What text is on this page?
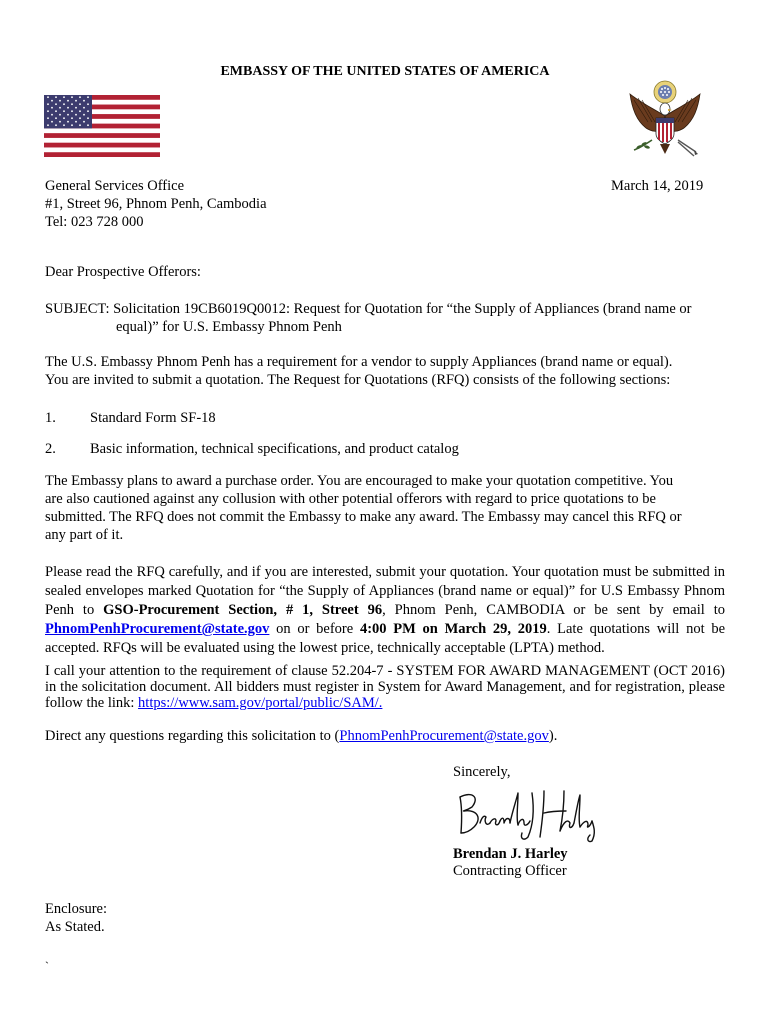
EMBASSY OF THE UNITED STATES OF AMERICA
General Services Office
#1, Street 96, Phnom Penh, Cambodia
Tel: 023 728 000
March 14, 2019
Dear Prospective Offerors:
SUBJECT: Solicitation 19CB6019Q0012: Request for Quotation for “the Supply of Appliances (brand name or
equal)” for U.S. Embassy Phnom Penh
The U.S. Embassy Phnom Penh has a requirement for a vendor to supply Appliances (brand name or equal).
You are invited to submit a quotation. The Request for Quotations (RFQ) consists of the following sections:
1. Standard Form SF-18
2. Basic information, technical specifications, and product catalog
The Embassy plans to award a purchase order. You are encouraged to make your quotation competitive. You
are also cautioned against any collusion with other potential offerors with regard to price quotations to be
submitted. The RFQ does not commit the Embassy to make any award. The Embassy may cancel this RFQ or
any part of it.
Please read the RFQ carefully, and if you are interested, submit your quotation. Your quotation must be submitted in sealed envelopes marked Quotation for “the Supply of Appliances (brand name or equal)” for U.S Embassy Phnom Penh to GSO-Procurement Section, # 1, Street 96, Phnom Penh, CAMBODIA or be sent by email to PhnomPenhProcurement@state.gov on or before 4:00 PM on March 29, 2019. Late quotations will not be accepted. RFQs will be evaluated using the lowest price, technically acceptable (LPTA) method.
I call your attention to the requirement of clause 52.204-7 - SYSTEM FOR AWARD MANAGEMENT (OCT 2016) in the solicitation document. All bidders must register in System for Award Management, and for registration, please follow the link: https://www.sam.gov/portal/public/SAM/.
Direct any questions regarding this solicitation to (PhnomPenhProcurement@state.gov).
Sincerely,
Brendan J. Harley
Contracting Officer
Enclosure:
As Stated.
`
